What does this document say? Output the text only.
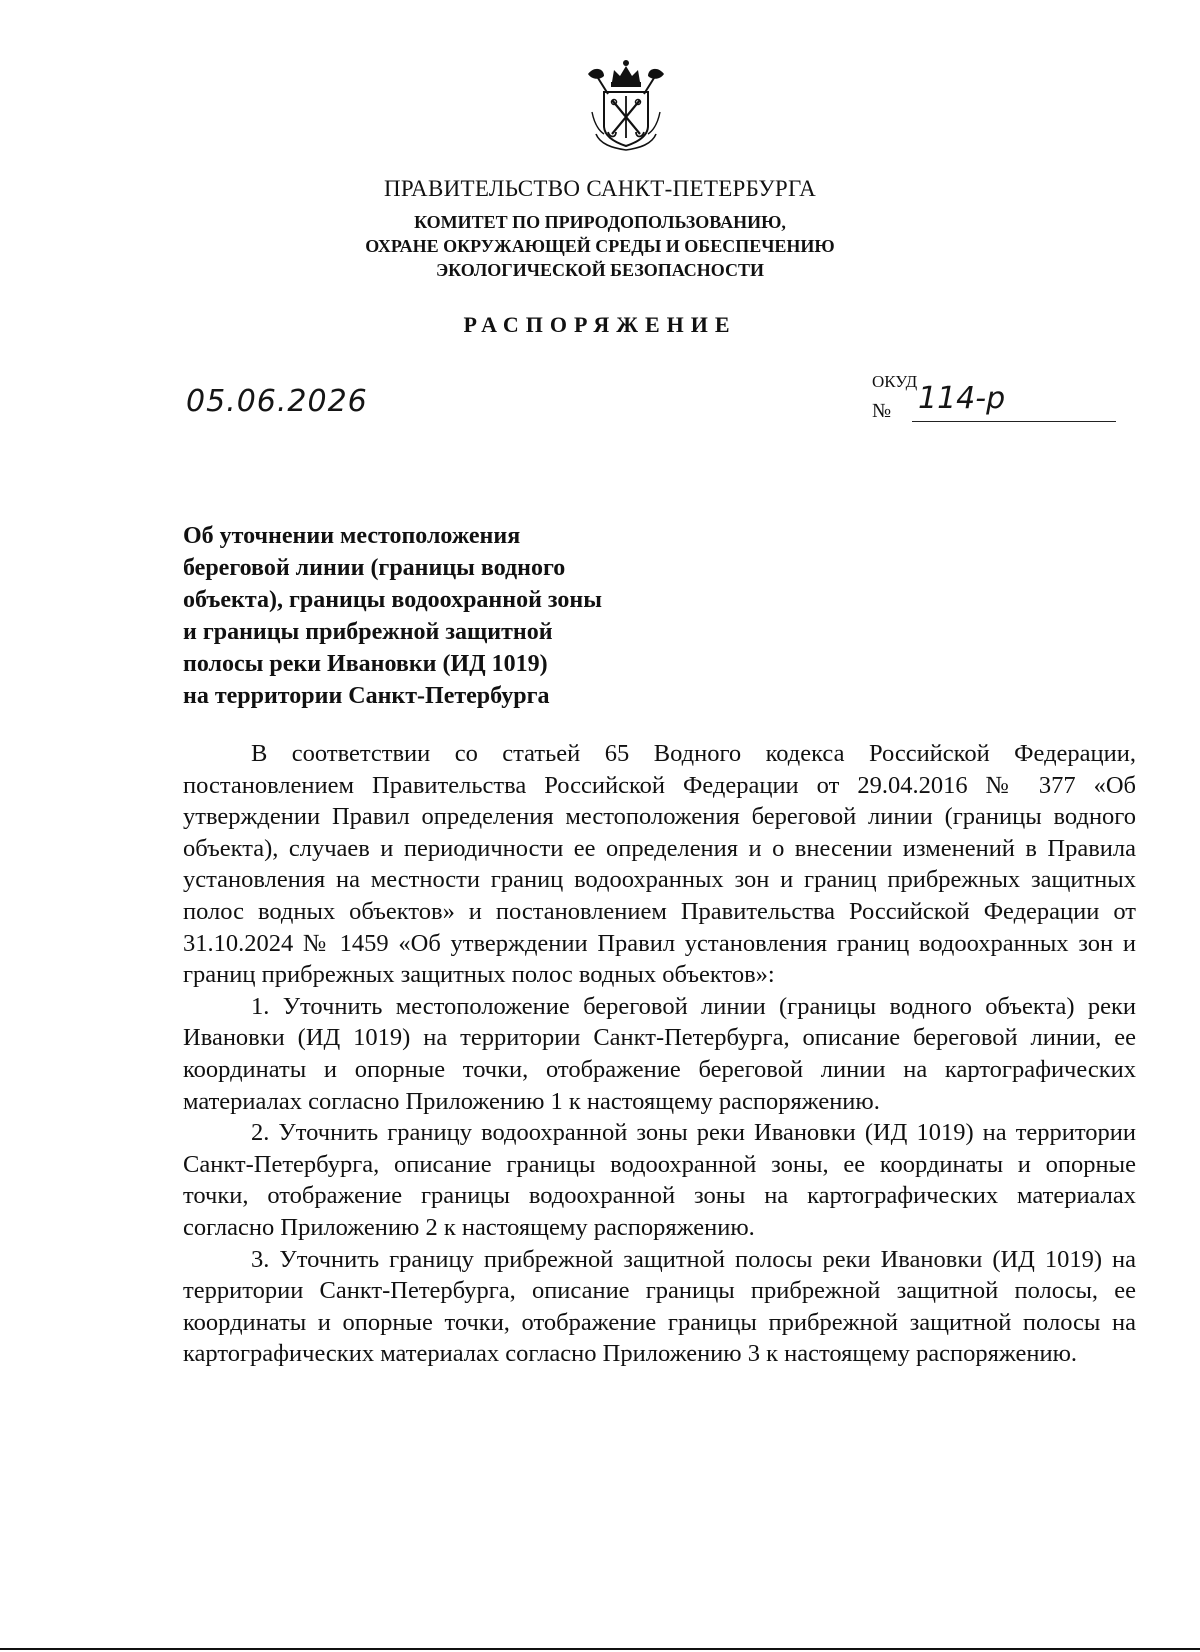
ПРАВИТЕЛЬСТВО САНКТ-ПЕТЕРБУРГА
КОМИТЕТ ПО ПРИРОДОПОЛЬЗОВАНИЮ,
ОХРАНЕ ОКРУЖАЮЩЕЙ СРЕДЫ И ОБЕСПЕЧЕНИЮ
ЭКОЛОГИЧЕСКОЙ БЕЗОПАСНОСТИ
РАСПОРЯЖЕНИЕ
05.06.2026
ОКУД
№ 114-р
Об уточнении местоположения
береговой линии (границы водного
объекта), границы водоохранной зоны
и границы прибрежной защитной
полосы реки Ивановки (ИД 1019)
на территории Санкт-Петербурга

В соответствии со статьей 65 Водного кодекса Российской Федерации, постановлением Правительства Российской Федерации от 29.04.2016 № 377 «Об утверждении Правил определения местоположения береговой линии (границы водного объекта), случаев и периодичности ее определения и о внесении изменений в Правила установления на местности границ водоохранных зон и границ прибрежных защитных полос водных объектов» и постановлением Правительства Российской Федерации от 31.10.2024 № 1459 «Об утверждении Правил установления границ водоохранных зон и границ прибрежных защитных полос водных объектов»:

1. Уточнить местоположение береговой линии (границы водного объекта) реки Ивановки (ИД 1019) на территории Санкт-Петербурга, описание береговой линии, ее координаты и опорные точки, отображение береговой линии на картографических материалах согласно Приложению 1 к настоящему распоряжению.

2. Уточнить границу водоохранной зоны реки Ивановки (ИД 1019) на территории Санкт-Петербурга, описание границы водоохранной зоны, ее координаты и опорные точки, отображение границы водоохранной зоны на картографических материалах согласно Приложению 2 к настоящему распоряжению.

3. Уточнить границу прибрежной защитной полосы реки Ивановки (ИД 1019) на территории Санкт-Петербурга, описание границы прибрежной защитной полосы, ее координаты и опорные точки, отображение границы прибрежной защитной полосы на картографических материалах согласно Приложению 3 к настоящему распоряжению.
